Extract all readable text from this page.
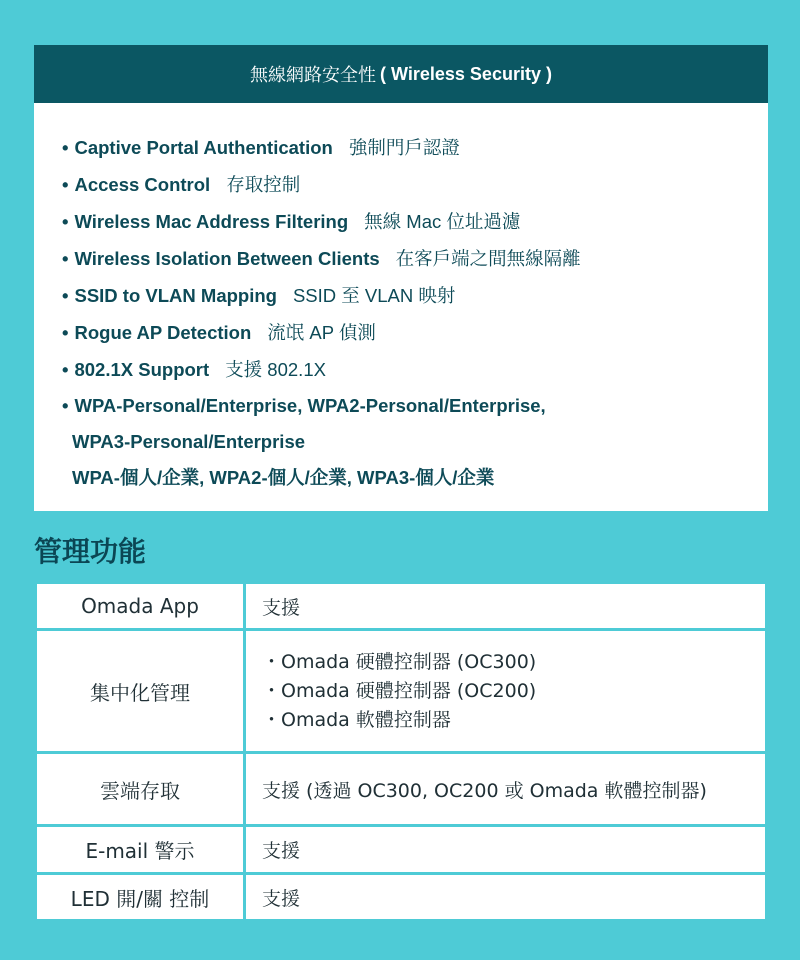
無線網路安全性 ( Wireless Security )
• Captive Portal Authentication 強制門戶認證
• Access Control 存取控制
• Wireless Mac Address Filtering 無線 Mac 位址過濾
• Wireless Isolation Between Clients 在客戶端之間無線隔離
• SSID to VLAN Mapping SSID 至 VLAN 映射
• Rogue AP Detection 流氓 AP 偵測
• 802.1X Support 支援 802.1X
• WPA-Personal/Enterprise, WPA2-Personal/Enterprise,
WPA3-Personal/Enterprise
WPA-個人/企業, WPA2-個人/企業, WPA3-個人/企業
管理功能
Omada App	支援
集中化管理	・Omada 硬體控制器 (OC300)
・Omada 硬體控制器 (OC200)
・Omada 軟體控制器

雲端存取	支援 (透過 OC300, OC200 或 Omada 軟體控制器)
E-mail 警示	支援
LED 開/關 控制	支援
